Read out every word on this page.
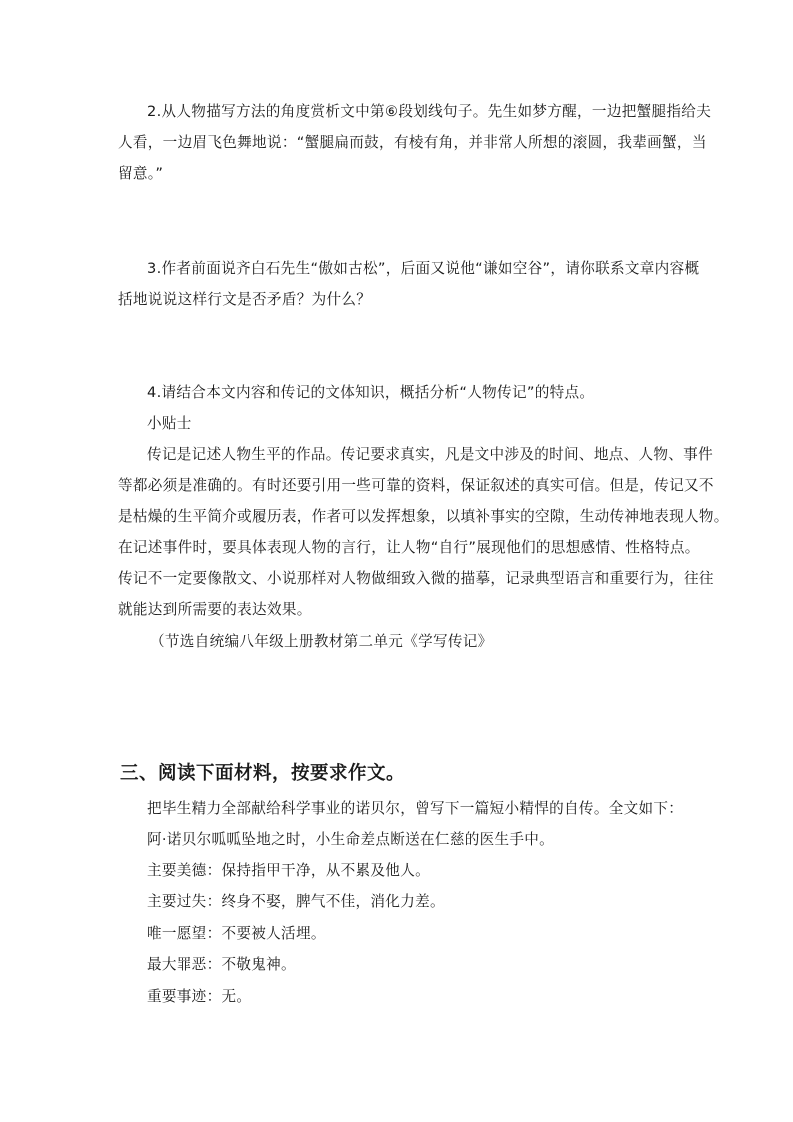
2.从人物描写方法的角度赏析文中第⑥段划线句子。先生如梦方醒，一边把蟹腿指给夫
人看，一边眉飞色舞地说：“蟹腿扁而鼓，有棱有角，并非常人所想的滚圆，我辈画蟹，当
留意。”
3.作者前面说齐白石先生“傲如古松”，后面又说他“谦如空谷”，请你联系文章内容概
括地说说这样行文是否矛盾？为什么？
4.请结合本文内容和传记的文体知识，概括分析“人物传记”的特点。
小贴士
传记是记述人物生平的作品。传记要求真实，凡是文中涉及的时间、地点、人物、事件
等都必须是准确的。有时还要引用一些可靠的资料，保证叙述的真实可信。但是，传记又不
是枯燥的生平简介或履历表，作者可以发挥想象，以填补事实的空隙，生动传神地表现人物。
在记述事件时，要具体表现人物的言行，让人物“自行”展现他们的思想感情、性格特点。
传记不一定要像散文、小说那样对人物做细致入微的描摹，记录典型语言和重要行为，往往
就能达到所需要的表达效果。
（节选自统编八年级上册教材第二单元《学写传记》
三、阅读下面材料，按要求作文。
把毕生精力全部献给科学事业的诺贝尔，曾写下一篇短小精悍的自传。全文如下：
阿·诺贝尔呱呱坠地之时，小生命差点断送在仁慈的医生手中。
主要美德：保持指甲干净，从不累及他人。
主要过失：终身不娶，脾气不佳，消化力差。
唯一愿望：不要被人活埋。
最大罪恶：不敬鬼神。
重要事迹：无。
